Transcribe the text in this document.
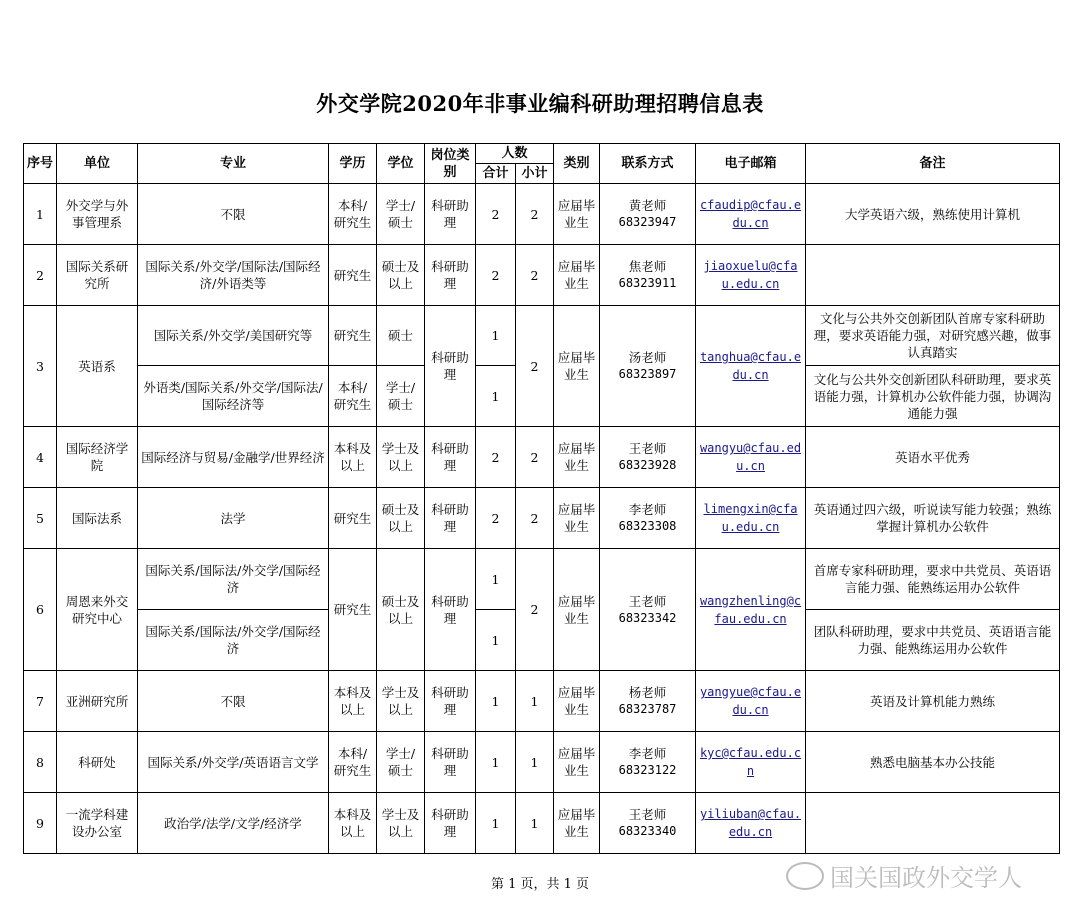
外交学院2020年非事业编科研助理招聘信息表
序号	单位	专业	学历	学位	岗位类别	人数		类别	联系方式	电子邮箱	备注
						合计	小计				
1	外交学与外事管理系	不限	本科/研究生	学士/硕士	科研助理	2	2	应届毕业生	黄老师
68323947	cfaudip@cfau.edu.cn	大学英语六级，熟练使用计算机
2	国际关系研究所	国际关系/外交学/国际法/国际经济/外语类等	研究生	硕士及以上	科研助理	2	2	应届毕业生	焦老师
68323911	jiaoxuelu@cfau.edu.cn	
3	英语系	国际关系/外交学/美国研究等	研究生	硕士	科研助理	1	2	应届毕业生	汤老师
68323897	tanghua@cfau.edu.cn	文化与公共外交创新团队首席专家科研助理，要求英语能力强，对研究感兴趣，做事认真踏实
		外语类/国际关系/外交学/国际法/国际经济等	本科/研究生	学士/硕士		1					文化与公共外交创新团队科研助理，要求英语能力强，计算机办公软件能力强，协调沟通能力强
4	国际经济学院	国际经济与贸易/金融学/世界经济	本科及以上	学士及以上	科研助理	2	2	应届毕业生	王老师
68323928	wangyu@cfau.edu.cn	英语水平优秀
5	国际法系	法学	研究生	硕士及以上	科研助理	2	2	应届毕业生	李老师
68323308	limengxin@cfau.edu.cn	英语通过四六级，听说读写能力较强；熟练掌握计算机办公软件
6	周恩来外交研究中心	国际关系/国际法/外交学/国际经济	研究生	硕士及以上	科研助理	1	2	应届毕业生	王老师
68323342	wangzhenling@cfau.edu.cn	首席专家科研助理，要求中共党员、英语语言能力强、能熟练运用办公软件
		国际关系/国际法/外交学/国际经济				1					团队科研助理，要求中共党员、英语语言能力强、能熟练运用办公软件
7	亚洲研究所	不限	本科及以上	学士及以上	科研助理	1	1	应届毕业生	杨老师
68323787	yangyue@cfau.edu.cn	英语及计算机能力熟练
8	科研处	国际关系/外交学/英语语言文学	本科/研究生	学士/硕士	科研助理	1	1	应届毕业生	李老师
68323122	kyc@cfau.edu.cn	熟悉电脑基本办公技能
9	一流学科建设办公室	政治学/法学/文学/经济学	本科及以上	学士及以上	科研助理	1	1	应届毕业生	王老师
68323340	yiliuban@cfau.edu.cn	
第 1 页，共 1 页	国关国政外交学人
